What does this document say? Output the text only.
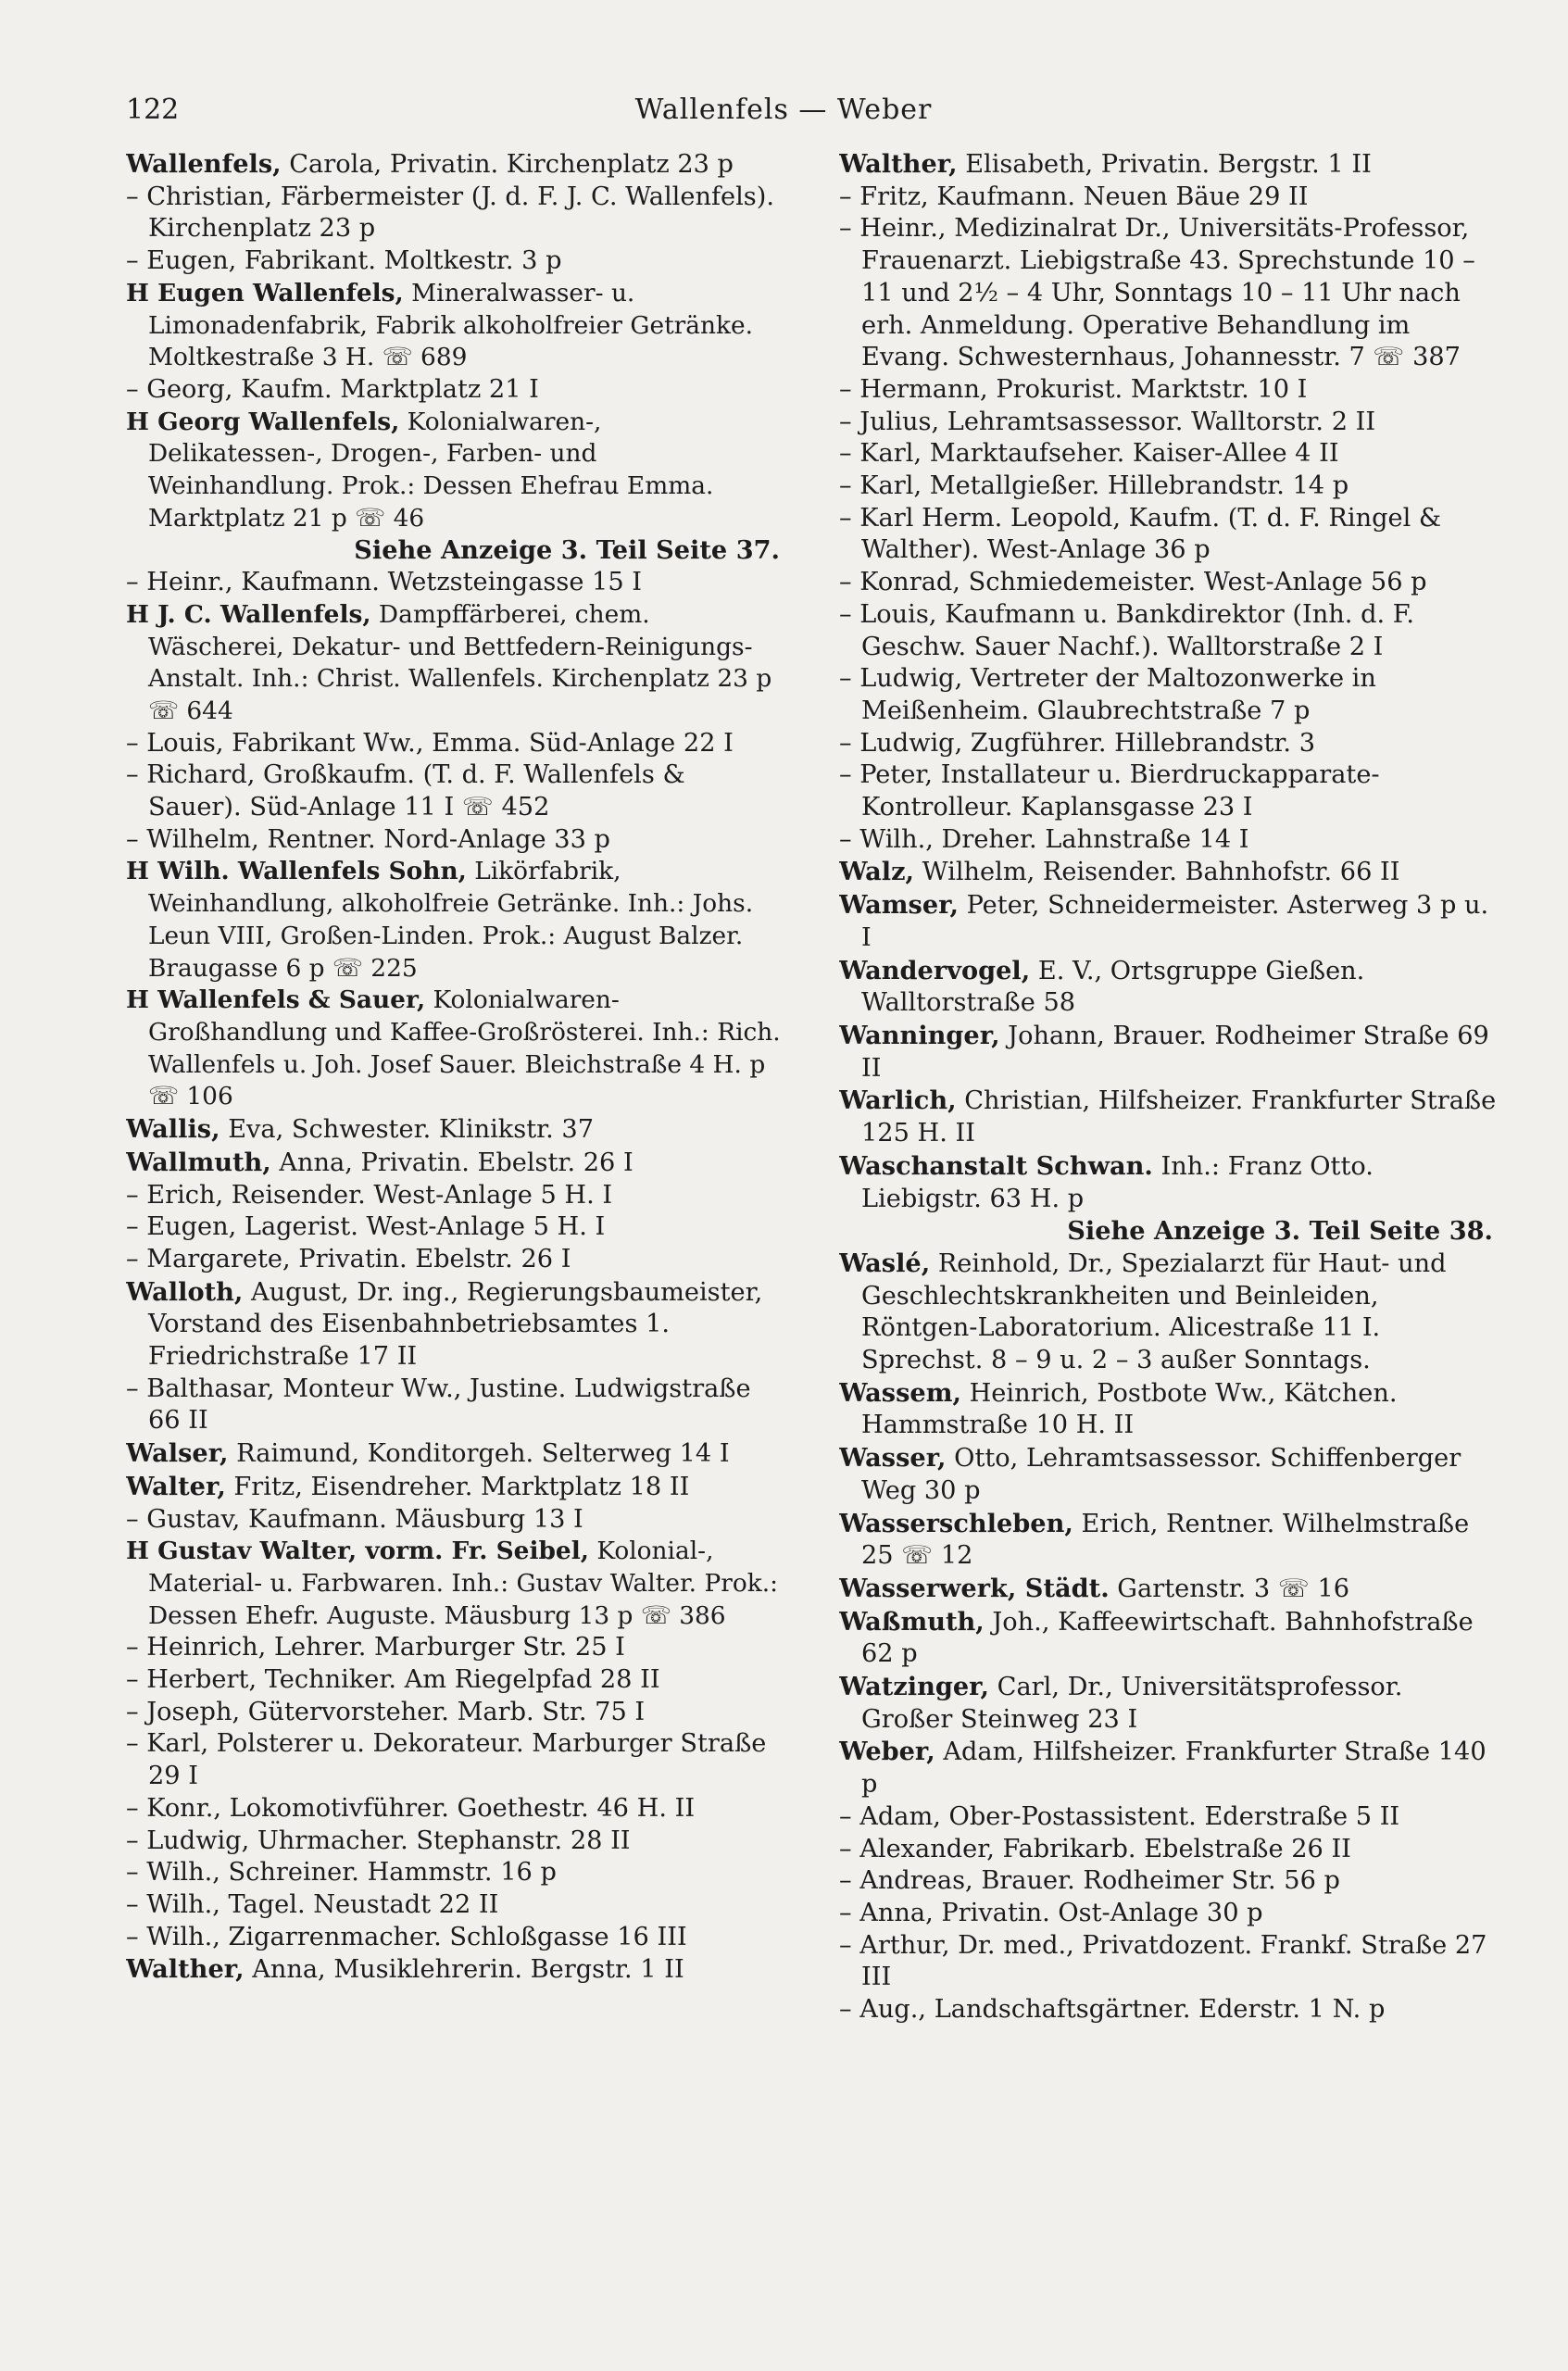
122	Wallenfels — Weber
Wallenfels, Carola, Privatin. Kirchenplatz 23 p
– Christian, Färbermeister (J. d. F. J. C. Wallenfels). Kirchenplatz 23 p
– Eugen, Fabrikant. Moltkestr. 3 p
H Eugen Wallenfels, Mineralwasser- u. Limonadenfabrik, Fabrik alkoholfreier Getränke. Moltkestraße 3 H. ☏ 689
– Georg, Kaufm. Marktplatz 21 I
H Georg Wallenfels, Kolonialwaren-, Delikatessen-, Drogen-, Farben- und Weinhandlung. Prok.: Dessen Ehefrau Emma. Marktplatz 21 p ☏ 46
Siehe Anzeige 3. Teil Seite 37.
– Heinr., Kaufmann. Wetzsteingasse 15 I
H J. C. Wallenfels, Dampffärberei, chem. Wäscherei, Dekatur- und Bettfedern-Reinigungs-Anstalt. Inh.: Christ. Wallenfels. Kirchenplatz 23 p ☏ 644
– Louis, Fabrikant Ww., Emma. Süd-Anlage 22 I
– Richard, Großkaufm. (T. d. F. Wallenfels & Sauer). Süd-Anlage 11 I ☏ 452
– Wilhelm, Rentner. Nord-Anlage 33 p
H Wilh. Wallenfels Sohn, Likörfabrik, Weinhandlung, alkoholfreie Getränke. Inh.: Johs. Leun VIII, Großen-Linden. Prok.: August Balzer. Braugasse 6 p ☏ 225
H Wallenfels & Sauer, Kolonialwaren-Großhandlung und Kaffee-Großrösterei. Inh.: Rich. Wallenfels u. Joh. Josef Sauer. Bleichstraße 4 H. p ☏ 106
Wallis, Eva, Schwester. Klinikstr. 37
Wallmuth, Anna, Privatin. Ebelstr. 26 I
– Erich, Reisender. West-Anlage 5 H. I
– Eugen, Lagerist. West-Anlage 5 H. I
– Margarete, Privatin. Ebelstr. 26 I
Walloth, August, Dr. ing., Regierungsbaumeister, Vorstand des Eisenbahnbetriebsamtes 1. Friedrichstraße 17 II
– Balthasar, Monteur Ww., Justine. Ludwigstraße 66 II
Walser, Raimund, Konditorgeh. Selterweg 14 I
Walter, Fritz, Eisendreher. Marktplatz 18 II
– Gustav, Kaufmann. Mäusburg 13 I
H Gustav Walter, vorm. Fr. Seibel, Kolonial-, Material- u. Farbwaren. Inh.: Gustav Walter. Prok.: Dessen Ehefr. Auguste. Mäusburg 13 p ☏ 386
– Heinrich, Lehrer. Marburger Str. 25 I
– Herbert, Techniker. Am Riegelpfad 28 II
– Joseph, Gütervorsteher. Marb. Str. 75 I
– Karl, Polsterer u. Dekorateur. Marburger Straße 29 I
– Konr., Lokomotivführer. Goethestr. 46 H. II
– Ludwig, Uhrmacher. Stephanstr. 28 II
– Wilh., Schreiner. Hammstr. 16 p
– Wilh., Tagel. Neustadt 22 II
– Wilh., Zigarrenmacher. Schloßgasse 16 III
Walther, Anna, Musiklehrerin. Bergstr. 1 II
Walther, Elisabeth, Privatin. Bergstr. 1 II
– Fritz, Kaufmann. Neuen Bäue 29 II
– Heinr., Medizinalrat Dr., Universitäts-Professor, Frauenarzt. Liebigstraße 43. Sprechstunde 10 – 11 und 2½ – 4 Uhr, Sonntags 10 – 11 Uhr nach erh. Anmeldung. Operative Behandlung im Evang. Schwesternhaus, Johannesstr. 7 ☏ 387
– Hermann, Prokurist. Marktstr. 10 I
– Julius, Lehramtsassessor. Walltorstr. 2 II
– Karl, Marktaufseher. Kaiser-Allee 4 II
– Karl, Metallgießer. Hillebrandstr. 14 p
– Karl Herm. Leopold, Kaufm. (T. d. F. Ringel & Walther). West-Anlage 36 p
– Konrad, Schmiedemeister. West-Anlage 56 p
– Louis, Kaufmann u. Bankdirektor (Inh. d. F. Geschw. Sauer Nachf.). Walltorstraße 2 I
– Ludwig, Vertreter der Maltozonwerke in Meißenheim. Glaubrechtstraße 7 p
– Ludwig, Zugführer. Hillebrandstr. 3
– Peter, Installateur u. Bierdruckapparate-Kontrolleur. Kaplansgasse 23 I
– Wilh., Dreher. Lahnstraße 14 I
Walz, Wilhelm, Reisender. Bahnhofstr. 66 II
Wamser, Peter, Schneidermeister. Asterweg 3 p u. I
Wandervogel, E. V., Ortsgruppe Gießen. Walltorstraße 58
Wanninger, Johann, Brauer. Rodheimer Straße 69 II
Warlich, Christian, Hilfsheizer. Frankfurter Straße 125 H. II
Waschanstalt Schwan. Inh.: Franz Otto. Liebigstr. 63 H. p
Siehe Anzeige 3. Teil Seite 38.
Waslé, Reinhold, Dr., Spezialarzt für Haut- und Geschlechtskrankheiten und Beinleiden, Röntgen-Laboratorium. Alicestraße 11 I. Sprechst. 8 – 9 u. 2 – 3 außer Sonntags.
Wassem, Heinrich, Postbote Ww., Kätchen. Hammstraße 10 H. II
Wasser, Otto, Lehramtsassessor. Schiffenberger Weg 30 p
Wasserschleben, Erich, Rentner. Wilhelmstraße 25 ☏ 12
Wasserwerk, Städt. Gartenstr. 3 ☏ 16
Waßmuth, Joh., Kaffeewirtschaft. Bahnhofstraße 62 p
Watzinger, Carl, Dr., Universitätsprofessor. Großer Steinweg 23 I
Weber, Adam, Hilfsheizer. Frankfurter Straße 140 p
– Adam, Ober-Postassistent. Ederstraße 5 II
– Alexander, Fabrikarb. Ebelstraße 26 II
– Andreas, Brauer. Rodheimer Str. 56 p
– Anna, Privatin. Ost-Anlage 30 p
– Arthur, Dr. med., Privatdozent. Frankf. Straße 27 III
– Aug., Landschaftsgärtner. Ederstr. 1 N. p
